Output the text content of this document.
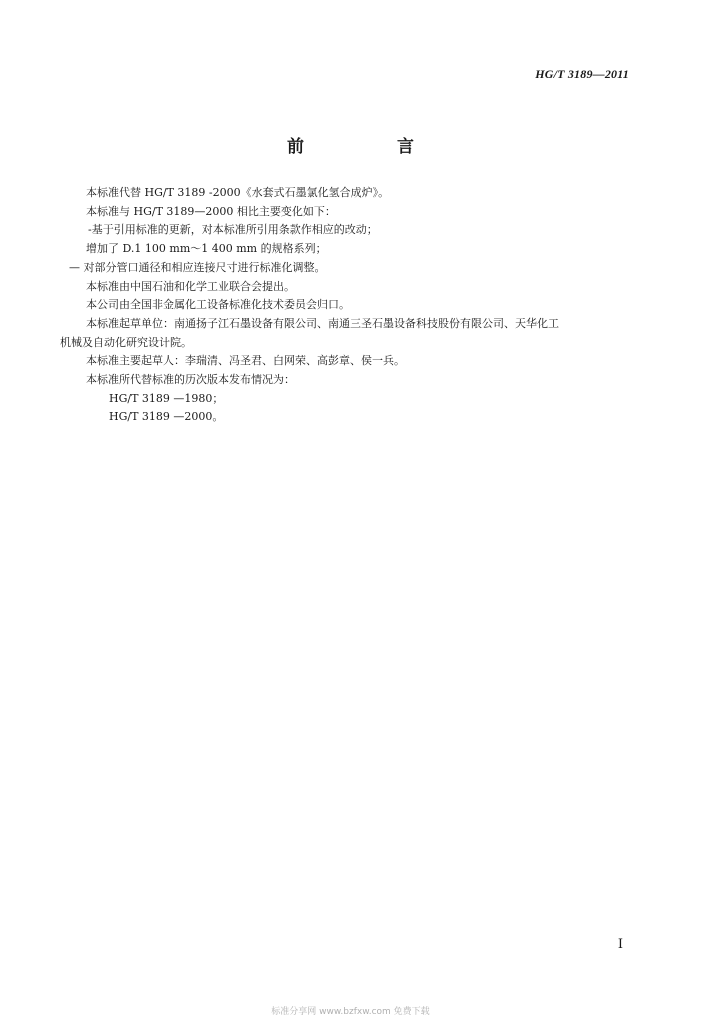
HG/T 3189—2011
前　言

本标准代替 HG/T 3189 -2000《水套式石墨氯化氢合成炉》。

本标准与 HG/T 3189—2000 相比主要变化如下：

-基于引用标准的更新，对本标准所引用条款作相应的改动；

增加了 D.1 100 mm～1 400 mm 的规格系列；

— 对部分管口通径和相应连接尺寸进行标准化调整。

本标准由中国石油和化学工业联合会提出。

本公司由全国非金属化工设备标准化技术委员会归口。

本标准起草单位：南通扬子江石墨设备有限公司、南通三圣石墨设备科技股份有限公司、天华化工

机械及自动化研究设计院。

本标准主要起草人：李瑞清、冯圣君、白网荣、高彭章、侯一兵。

本标准所代替标准的历次版本发布情况为：

HG/T 3189 —1980；

HG/T 3189 —2000。

I
标准分享网 www.bzfxw.com 免费下载
